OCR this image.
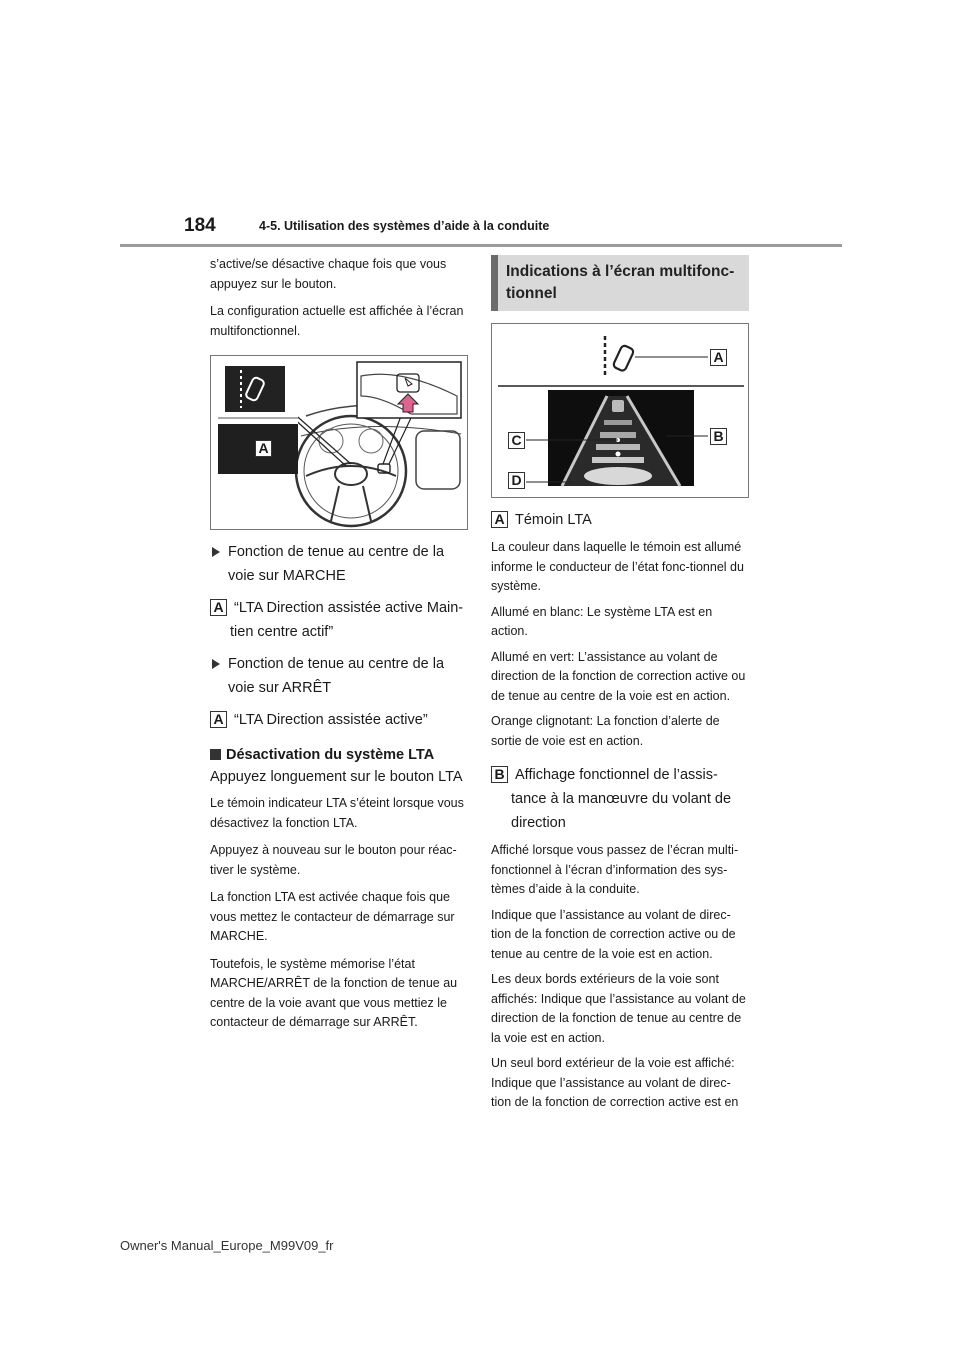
184	4-5. Utilisation des systèmes d’aide à la conduite

s’active/se désactive chaque fois que vous appuyez sur le bouton.

La configuration actuelle est affichée à l’écran multifonctionnel.

A
Fonction de tenue au centre de la voie sur MARCHE
A “LTA Direction assistée active Main-tien centre actif”
Fonction de tenue au centre de la voie sur ARRÊT
A “LTA Direction assistée active”
Désactivation du système LTA

Appuyez longuement sur le bouton LTA

Le témoin indicateur LTA s’éteint lorsque vous désactivez la fonction LTA.

Appuyez à nouveau sur le bouton pour réac-tiver le système.

La fonction LTA est activée chaque fois que vous mettez le contacteur de démarrage sur MARCHE.

Toutefois, le système mémorise l’état MARCHE/ARRÊT de la fonction de tenue au centre de la voie avant que vous mettiez le contacteur de démarrage sur ARRÊT.

Indications à l’écran multifonc-tionnel
A
B
C
D
A Témoin LTA

La couleur dans laquelle le témoin est allumé informe le conducteur de l’état fonc-tionnel du système.

Allumé en blanc: Le système LTA est en action.

Allumé en vert: L’assistance au volant de direction de la fonction de correction active ou de tenue au centre de la voie est en action.

Orange clignotant: La fonction d’alerte de sortie de voie est en action.

B Affichage fonctionnel de l’assis-tance à la manœuvre du volant de direction

Affiché lorsque vous passez de l’écran multi-fonctionnel à l’écran d’information des sys-tèmes d’aide à la conduite.

Indique que l’assistance au volant de direc-tion de la fonction de correction active ou de tenue au centre de la voie est en action.

Les deux bords extérieurs de la voie sont affichés: Indique que l’assistance au volant de direction de la fonction de tenue au centre de la voie est en action.

Un seul bord extérieur de la voie est affiché: Indique que l’assistance au volant de direc-tion de la fonction de correction active est en

Owner's Manual_Europe_M99V09_fr
